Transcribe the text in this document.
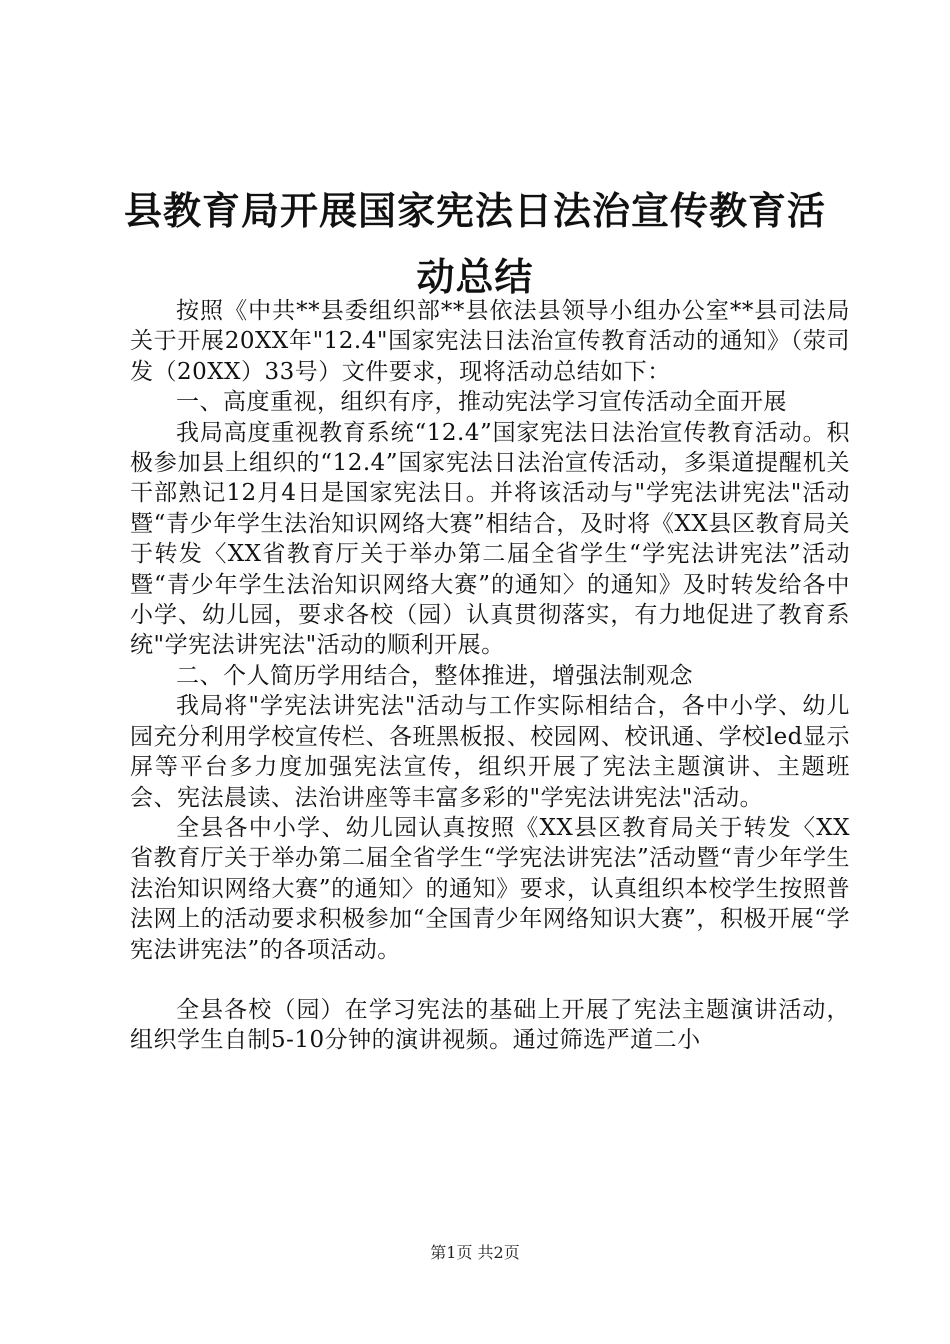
县教育局开展国家宪法日法治宣传教育活动总结

按照《中共**县委组织部**县依法县领导小组办公室**县司法局关于开展20XX年"12.4"国家宪法日法治宣传教育活动的通知》（荥司发（20XX）33号）文件要求，现将活动总结如下：

一、高度重视，组织有序，推动宪法学习宣传活动全面开展

我局高度重视教育系统“12.4”国家宪法日法治宣传教育活动。积极参加县上组织的“12.4”国家宪法日法治宣传活动，多渠道提醒机关干部熟记12月4日是国家宪法日。并将该活动与"学宪法讲宪法"活动暨“青少年学生法治知识网络大赛”相结合，及时将《XX县区教育局关于转发〈XX省教育厅关于举办第二届全省学生“学宪法讲宪法”活动暨“青少年学生法治知识网络大赛”的通知〉的通知》及时转发给各中小学、幼儿园，要求各校（园）认真贯彻落实，有力地促进了教育系统"学宪法讲宪法"活动的顺利开展。

二、个人简历学用结合，整体推进，增强法制观念

我局将"学宪法讲宪法"活动与工作实际相结合，各中小学、幼儿园充分利用学校宣传栏、各班黑板报、校园网、校讯通、学校led显示屏等平台多力度加强宪法宣传，组织开展了宪法主题演讲、主题班会、宪法晨读、法治讲座等丰富多彩的"学宪法讲宪法"活动。

全县各中小学、幼儿园认真按照《XX县区教育局关于转发〈XX省教育厅关于举办第二届全省学生“学宪法讲宪法”活动暨“青少年学生法治知识网络大赛”的通知〉的通知》要求，认真组织本校学生按照普法网上的活动要求积极参加“全国青少年网络知识大赛”，积极开展“学宪法讲宪法”的各项活动。

全县各校（园）在学习宪法的基础上开展了宪法主题演讲活动，组织学生自制5-10分钟的演讲视频。通过筛选严道二小

第1页 共2页
